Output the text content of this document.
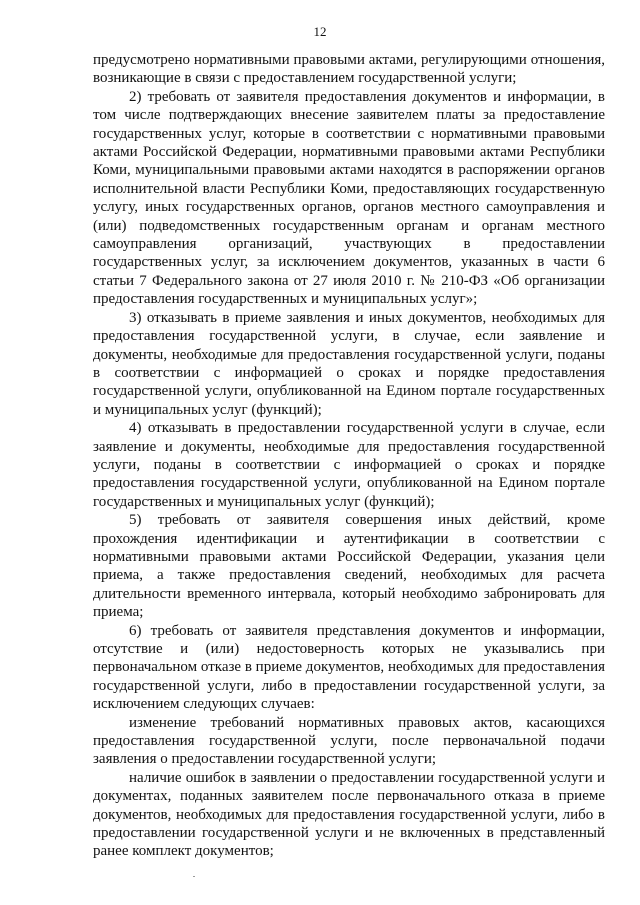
12

предусмотрено нормативными правовыми актами, регулирующими отношения, возникающие в связи с предоставлением государственной услуги;

2) требовать от заявителя предоставления документов и информации, в том числе подтверждающих внесение заявителем платы за предоставление государственных услуг, которые в соответствии с нормативными правовыми актами Российской Федерации, нормативными правовыми актами Республики Коми, муниципальными правовыми актами находятся в распоряжении органов исполнительной власти Республики Коми, предоставляющих государственную услугу, иных государственных органов, органов местного самоуправления и (или) подведомственных государственным органам и органам местного самоуправления организаций, участвующих в предоставлении государственных услуг, за исключением документов, указанных в части 6 статьи 7 Федерального закона от 27 июля 2010 г. № 210-ФЗ «Об организации предоставления государственных и муниципальных услуг»;

3) отказывать в приеме заявления и иных документов, необходимых для предоставления государственной услуги, в случае, если заявление и документы, необходимые для предоставления государственной услуги, поданы в соответствии с информацией о сроках и порядке предоставления государственной услуги, опубликованной на Едином портале государственных и муниципальных услуг (функций);

4) отказывать в предоставлении государственной услуги в случае, если заявление и документы, необходимые для предоставления государственной услуги, поданы в соответствии с информацией о сроках и порядке предоставления государственной услуги, опубликованной на Едином портале государственных и муниципальных услуг (функций);

5) требовать от заявителя совершения иных действий, кроме прохождения идентификации и аутентификации в соответствии с нормативными правовыми актами Российской Федерации, указания цели приема, а также предоставления сведений, необходимых для расчета длительности временного интервала, который необходимо забронировать для приема;

6) требовать от заявителя представления документов и информации, отсутствие и (или) недостоверность которых не указывались при первоначальном отказе в приеме документов, необходимых для предоставления государственной услуги, либо в предоставлении государственной услуги, за исключением следующих случаев:

изменение требований нормативных правовых актов, касающихся предоставления государственной услуги, после первоначальной подачи заявления о предоставлении государственной услуги;

наличие ошибок в заявлении о предоставлении государственной услуги и документах, поданных заявителем после первоначального отказа в приеме документов, необходимых для предоставления государственной услуги, либо в предоставлении государственной услуги и не включенных в представленный ранее комплект документов;
